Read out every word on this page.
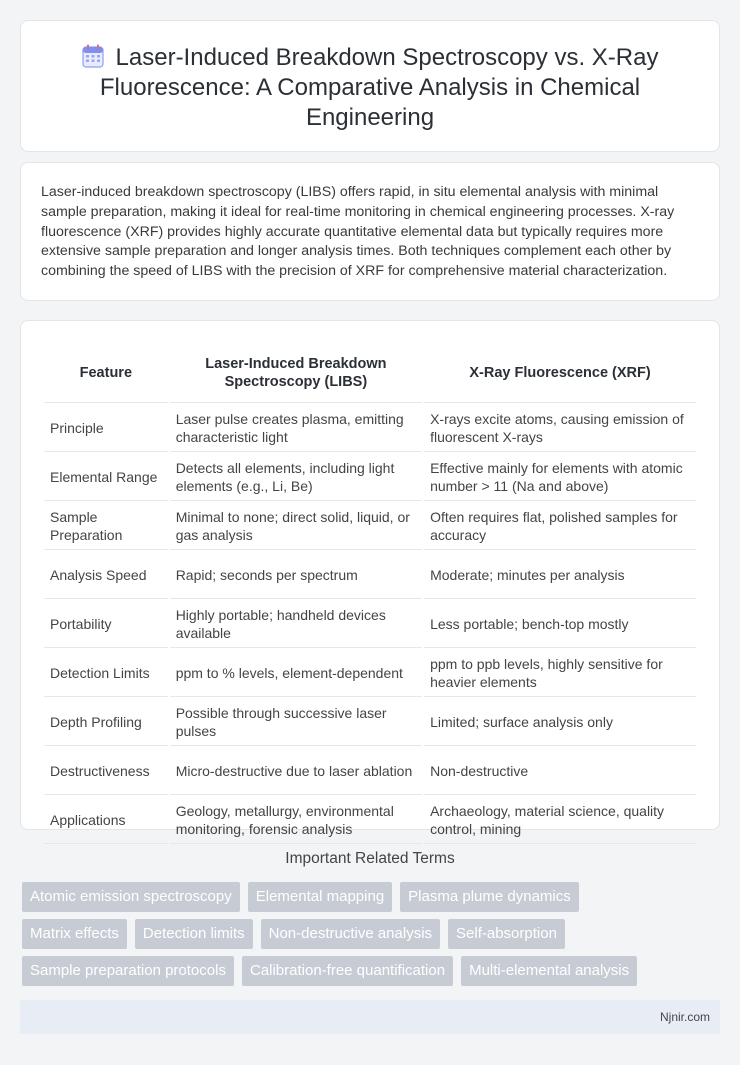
Laser-Induced Breakdown Spectroscopy vs. X-Ray Fluorescence: A Comparative Analysis in Chemical Engineering

Laser-induced breakdown spectroscopy (LIBS) offers rapid, in situ elemental analysis with minimal sample preparation, making it ideal for real-time monitoring in chemical engineering processes. X-ray fluorescence (XRF) provides highly accurate quantitative elemental data but typically requires more extensive sample preparation and longer analysis times. Both techniques complement each other by combining the speed of LIBS with the precision of XRF for comprehensive material characterization.

Feature	Laser-Induced Breakdown Spectroscopy (LIBS)	X-Ray Fluorescence (XRF)
Principle	Laser pulse creates plasma, emitting characteristic light	X-rays excite atoms, causing emission of fluorescent X-rays
Elemental Range	Detects all elements, including light elements (e.g., Li, Be)	Effective mainly for elements with atomic number > 11 (Na and above)
Sample Preparation	Minimal to none; direct solid, liquid, or gas analysis	Often requires flat, polished samples for accuracy
Analysis Speed	Rapid; seconds per spectrum	Moderate; minutes per analysis
Portability	Highly portable; handheld devices available	Less portable; bench-top mostly
Detection Limits	ppm to % levels, element-dependent	ppm to ppb levels, highly sensitive for heavier elements
Depth Profiling	Possible through successive laser pulses	Limited; surface analysis only
Destructiveness	Micro-destructive due to laser ablation	Non-destructive
Applications	Geology, metallurgy, environmental monitoring, forensic analysis	Archaeology, material science, quality control, mining
Important Related Terms
Atomic emission spectroscopy	Elemental mapping	Plasma plume dynamics
Matrix effects	Detection limits	Non-destructive analysis	Self-absorption
Sample preparation protocols	Calibration-free quantification	Multi-elemental analysis
Njnir.com
